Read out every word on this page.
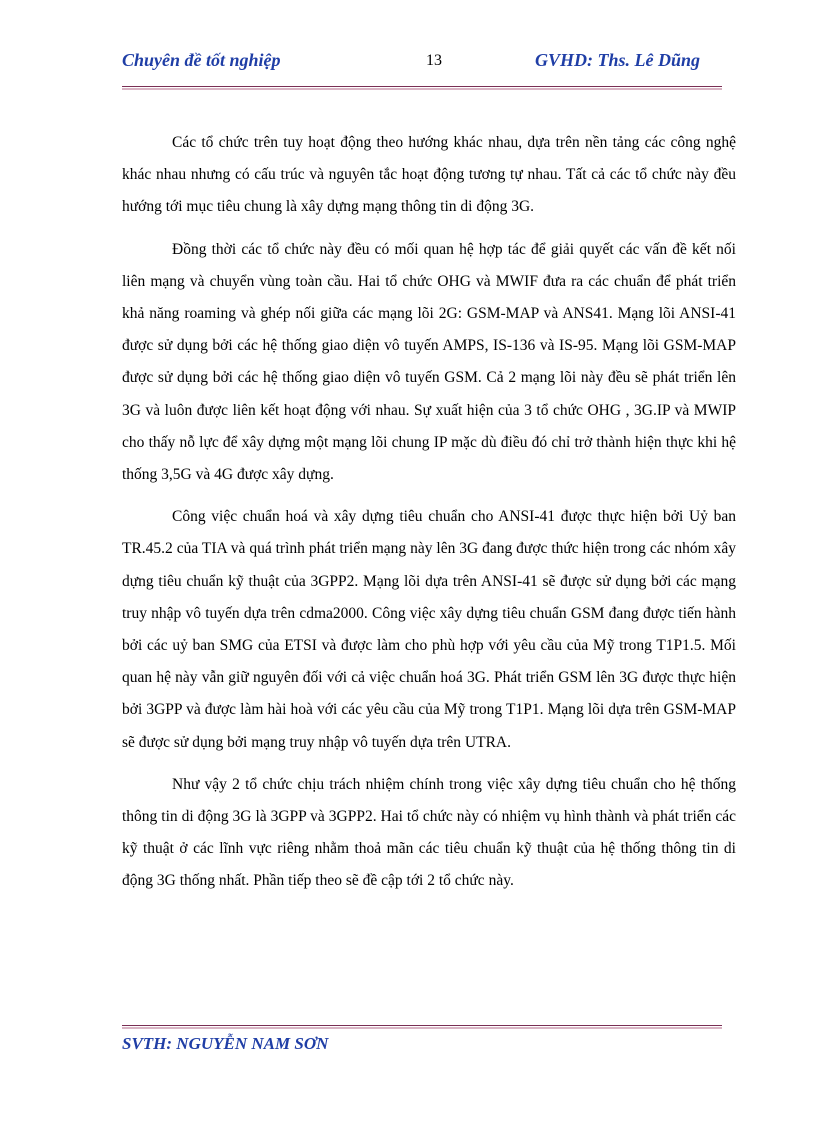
Chuyên đề tốt nghiệp	13	GVHD: Ths. Lê Dũng

Các tổ chức trên tuy hoạt động theo hướng khác nhau, dựa trên nền tảng các công nghệ khác nhau nhưng có cấu trúc và nguyên tắc hoạt động tương tự nhau. Tất cả các tổ chức này đều hướng tới mục tiêu chung là xây dựng mạng thông tin di động 3G.

Đồng thời các tổ chức này đều có mối quan hệ hợp tác để giải quyết các vấn đề kết nối liên mạng và chuyển vùng toàn cầu. Hai tổ chức OHG và MWIF đưa ra các chuẩn để phát triển khả năng roaming và ghép nối giữa các mạng lõi 2G: GSM-MAP và ANS41. Mạng lõi ANSI-41 được sử dụng bởi các hệ thống giao diện vô tuyến AMPS, IS-136 và IS-95. Mạng lõi GSM-MAP được sử dụng bởi các hệ thống giao diện vô tuyến GSM. Cả 2 mạng lõi này đều sẽ phát triển lên 3G và luôn được liên kết hoạt động với nhau. Sự xuất hiện của 3 tổ chức OHG , 3G.IP và MWIP cho thấy nỗ lực để xây dựng một mạng lõi chung IP mặc dù điều đó chỉ trở thành hiện thực khi hệ thống 3,5G và 4G được xây dựng.

Công việc chuẩn hoá và xây dựng tiêu chuẩn cho ANSI-41 được thực hiện bởi Uỷ ban TR.45.2 của TIA và quá trình phát triển mạng này lên 3G đang được thức hiện trong các nhóm xây dựng tiêu chuẩn kỹ thuật của 3GPP2. Mạng lõi dựa trên ANSI-41 sẽ được sử dụng bởi các mạng truy nhập vô tuyến dựa trên cdma2000. Công việc xây dựng tiêu chuẩn GSM đang được tiến hành bởi các uỷ ban SMG của ETSI và được làm cho phù hợp với yêu cầu của Mỹ trong T1P1.5. Mối quan hệ này vẫn giữ nguyên đối với cả việc chuẩn hoá 3G. Phát triển GSM lên 3G được thực hiện bởi 3GPP và được làm hài hoà với các yêu cầu của Mỹ trong T1P1. Mạng lõi dựa trên GSM-MAP sẽ được sử dụng bởi mạng truy nhập vô tuyến dựa trên UTRA.

Như vậy 2 tổ chức chịu trách nhiệm chính trong việc xây dựng tiêu chuẩn cho hệ thống thông tin di động 3G là 3GPP và 3GPP2. Hai tổ chức này có nhiệm vụ hình thành và phát triển các kỹ thuật ở các lĩnh vực riêng nhằm thoả mãn các tiêu chuẩn kỹ thuật của hệ thống thông tin di động 3G thống nhất. Phần tiếp theo sẽ đề cập tới 2 tổ chức này.

SVTH: NGUYỄN NAM SƠN
